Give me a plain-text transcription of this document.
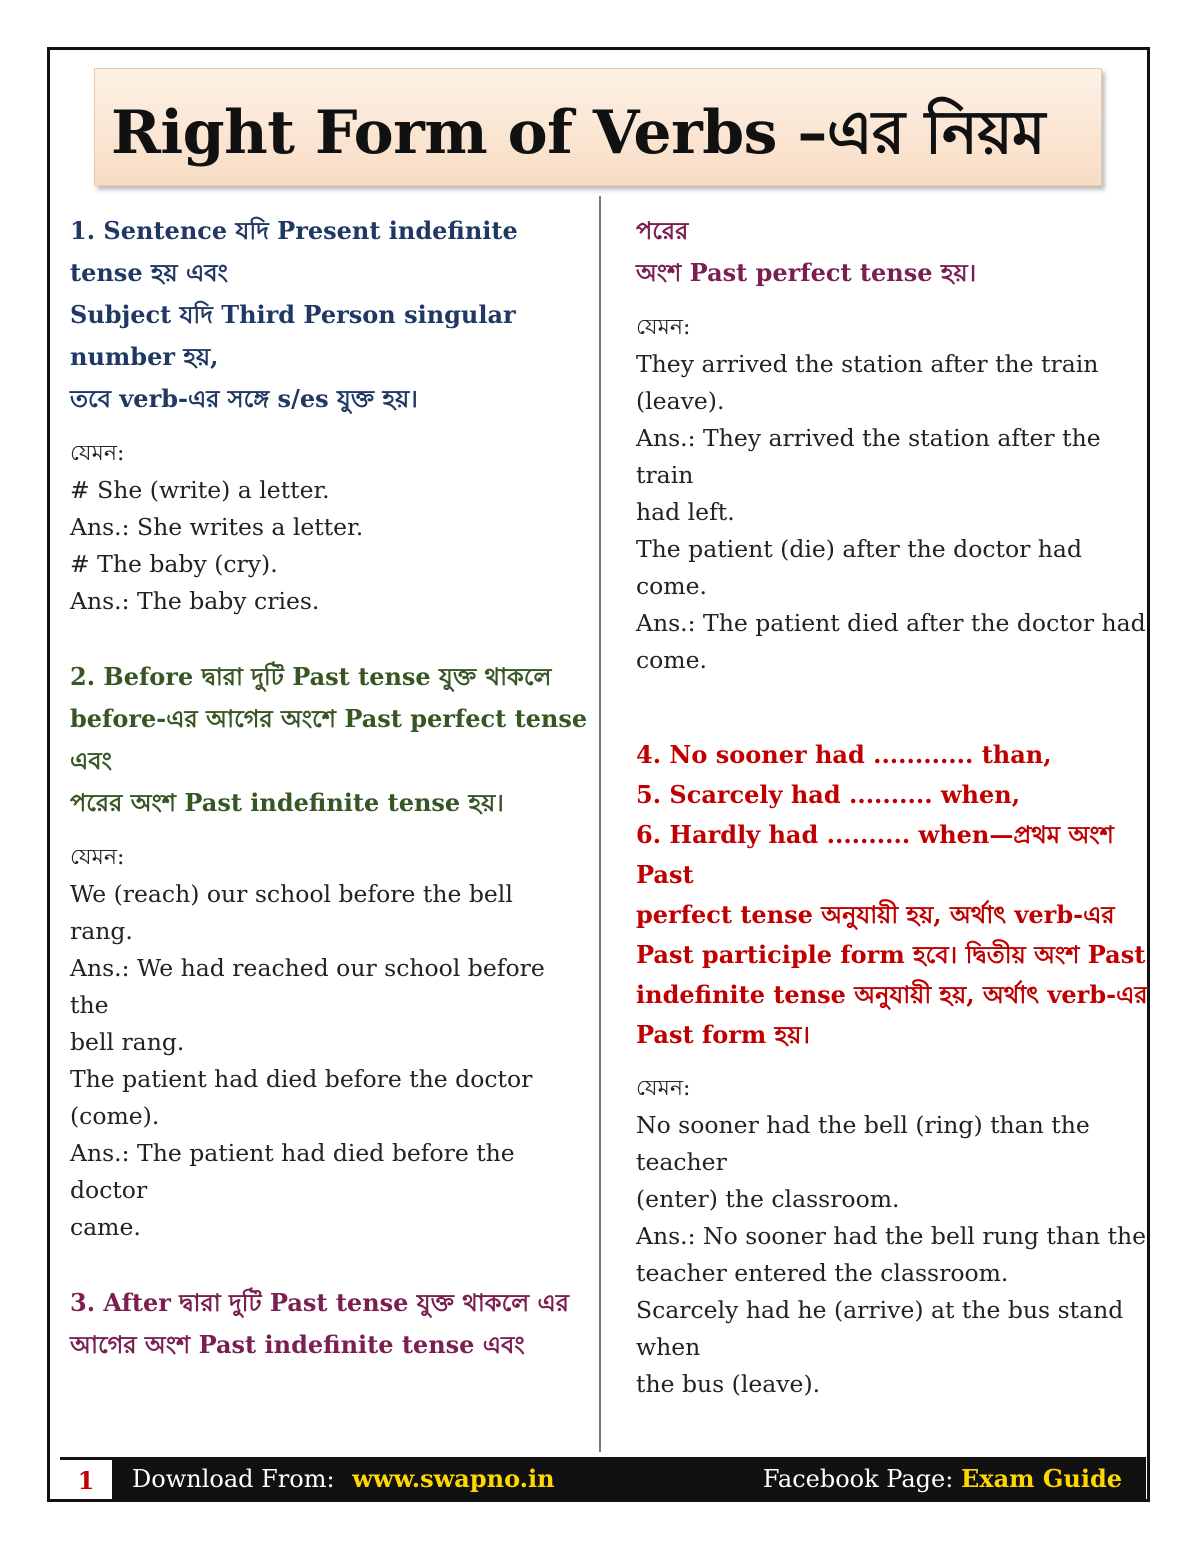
Right Form of Verbs –এর নিয়ম

1. Sentence যদি Present indefinite
tense হয় এবং
Subject যদি Third Person singular
number হয়,
তবে verb-এর সঙ্গে s/es যুক্ত হয়।

যেমন:

# She (write) a letter.
Ans.: She writes a letter.
# The baby (cry).
Ans.: The baby cries.

2. Before দ্বারা দুটি Past tense যুক্ত থাকলে
before-এর আগের অংশে Past perfect tense
এবং
পরের অংশ Past indefinite tense হয়।

যেমন:

We (reach) our school before the bell
rang.
Ans.: We had reached our school before
the
bell rang.
The patient had died before the doctor
(come).
Ans.: The patient had died before the
doctor
came.

3. After দ্বারা দুটি Past tense যুক্ত থাকলে এর
আগের অংশ Past indefinite tense এবং

পরের
অংশ Past perfect tense হয়।

যেমন:

They arrived the station after the train
(leave).
Ans.: They arrived the station after the
train
had left.
The patient (die) after the doctor had
come.
Ans.: The patient died after the doctor had
come.

4. No sooner had ............ than,
5. Scarcely had .......... when,
6. Hardly had .......... when—প্রথম অংশ
Past
perfect tense অনুযায়ী হয়, অর্থাৎ verb-এর
Past participle form হবে। দ্বিতীয় অংশ Past
indefinite tense অনুযায়ী হয়, অর্থাৎ verb-এর
Past form হয়।

যেমন:

No sooner had the bell (ring) than the
teacher
(enter) the classroom.
Ans.: No sooner had the bell rung than the
teacher entered the classroom.
Scarcely had he (arrive) at the bus stand
when
the bus (leave).

1	Download From: www.swapno.in	Facebook Page: Exam Guide
